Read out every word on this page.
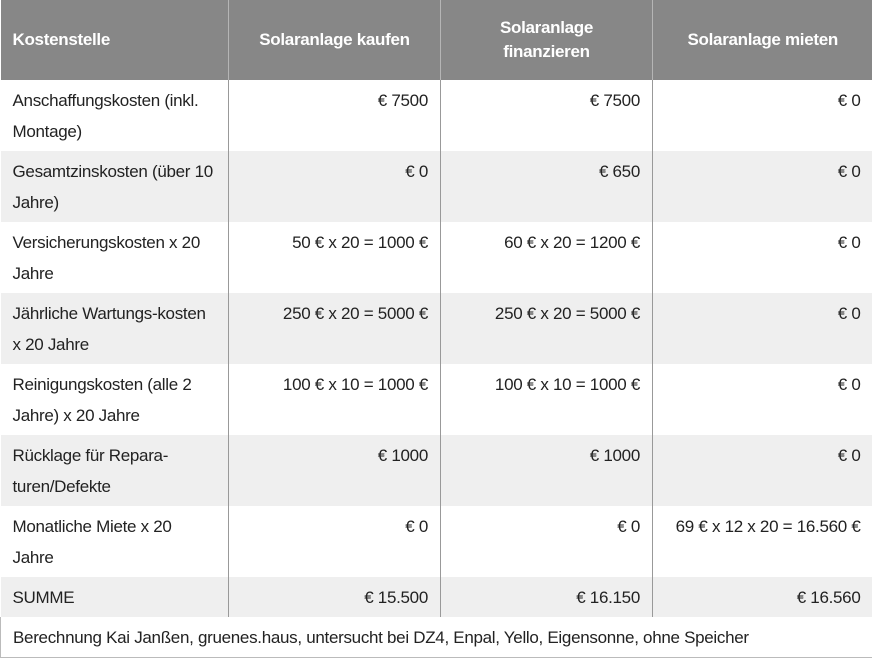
Kostenstelle	Solaranlage kaufen	Solaranlage finanzieren	Solaranlage mieten
Anschaffungskosten (inkl. Montage)	€ 7500	€ 7500	€ 0
Gesamtzinskosten (über 10 Jahre)	€ 0	€ 650	€ 0
Versicherungskosten x 20 Jahre	50 € x 20 = 1000 €	60 € x 20 = 1200 €	€ 0
Jährliche Wartungs-kosten x 20 Jahre	250 € x 20 = 5000 €	250 € x 20 = 5000 €	€ 0
Reinigungskosten (alle 2 Jahre) x 20 Jahre	100 € x 10 = 1000 €	100 € x 10 = 1000 €	€ 0
Rücklage für Repara-turen/Defekte	€ 1000	€ 1000	€ 0
Monatliche Miete x 20 Jahre	€ 0	€ 0	69 € x 12 x 20 = 16.560 €
SUMME	€ 15.500	€ 16.150	€ 16.560
Berechnung Kai Janßen, gruenes.haus, untersucht bei DZ4, Enpal, Yello, Eigensonne, ohne Speicher			
